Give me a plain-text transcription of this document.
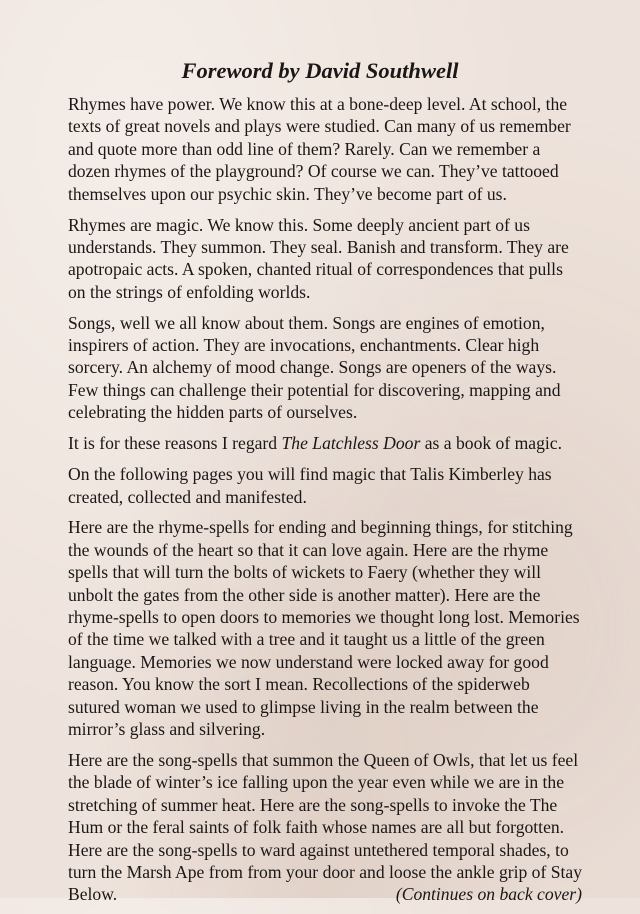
Foreword by David Southwell

Rhymes have power. We know this at a bone-deep level. At school, the texts of great novels and plays were studied. Can many of us remember and quote more than odd line of them? Rarely. Can we remember a dozen rhymes of the playground? Of course we can. They’ve tattooed themselves upon our psychic skin. They’ve become part of us.

Rhymes are magic. We know this. Some deeply ancient part of us understands. They summon. They seal. Banish and transform. They are apotropaic acts. A spoken, chanted ritual of correspondences that pulls on the strings of enfolding worlds.

Songs, well we all know about them. Songs are engines of emotion, inspirers of action. They are invocations, enchantments. Clear high sorcery. An alchemy of mood change. Songs are openers of the ways. Few things can challenge their potential for discovering, mapping and celebrating the hidden parts of ourselves.

It is for these reasons I regard The Latchless Door as a book of magic.

On the following pages you will find magic that Talis Kimberley has created, collected and manifested.

Here are the rhyme-spells for ending and beginning things, for stitching the wounds of the heart so that it can love again. Here are the rhyme spells that will turn the bolts of wickets to Faery (whether they will unbolt the gates from the other side is another matter). Here are the rhyme-spells to open doors to memories we thought long lost. Memories of the time we talked with a tree and it taught us a little of the green language. Memories we now understand were locked away for good reason. You know the sort I mean. Recollections of the spiderweb sutured woman we used to glimpse living in the realm between the mirror’s glass and silvering.

Here are the song-spells that summon the Queen of Owls, that let us feel the blade of winter’s ice falling upon the year even while we are in the stretching of summer heat. Here are the song-spells to invoke the The Hum or the feral saints of folk faith whose names are all but forgotten. Here are the song-spells to ward against untethered temporal shades, to turn the Marsh Ape from from your door and loose the ankle grip of Stay Below.	(Continues on back cover)
